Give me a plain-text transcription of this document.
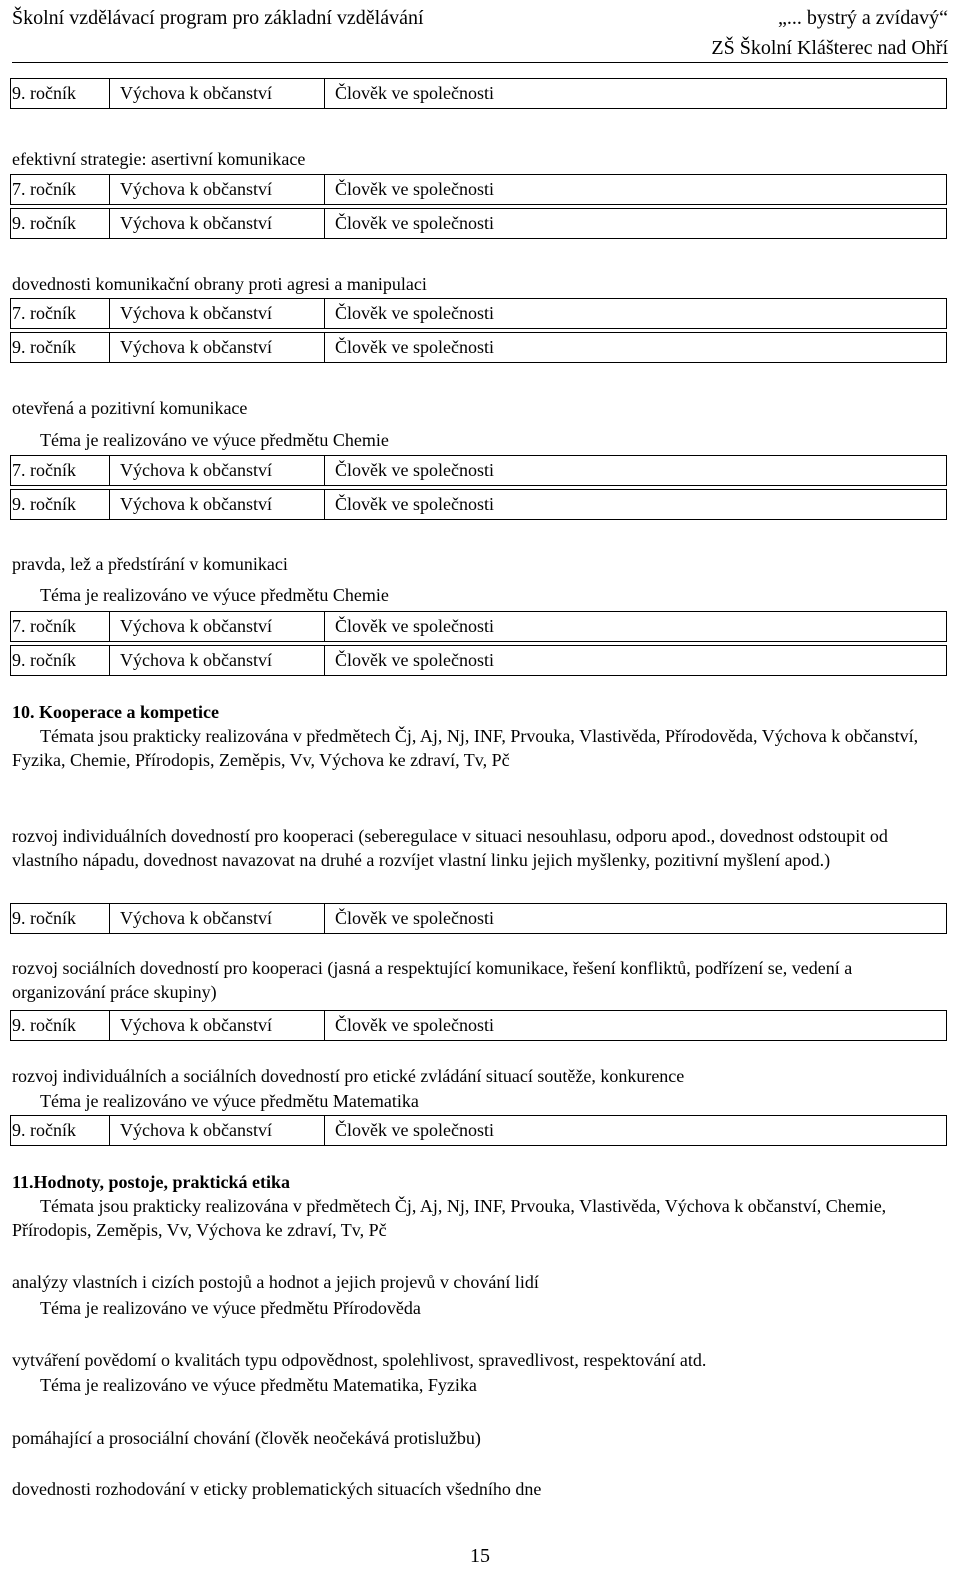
Školní vzdělávací program pro základní vzdělávání	„... bystrý a zvídavý“
ZŠ Školní Klášterec nad Ohří
9. ročník	Výchova k občanství	Člověk ve společnosti
efektivní strategie: asertivní komunikace
7. ročník	Výchova k občanství	Člověk ve společnosti
9. ročník	Výchova k občanství	Člověk ve společnosti
dovednosti komunikační obrany proti agresi a manipulaci
7. ročník	Výchova k občanství	Člověk ve společnosti
9. ročník	Výchova k občanství	Člověk ve společnosti
otevřená a pozitivní komunikace
Téma je realizováno ve výuce předmětu Chemie
7. ročník	Výchova k občanství	Člověk ve společnosti
9. ročník	Výchova k občanství	Člověk ve společnosti
pravda, lež a předstírání v komunikaci
Téma je realizováno ve výuce předmětu Chemie
7. ročník	Výchova k občanství	Člověk ve společnosti
9. ročník	Výchova k občanství	Člověk ve společnosti
10. Kooperace a kompetice
Témata jsou prakticky realizována v předmětech Čj, Aj, Nj, INF, Prvouka, Vlastivěda, Přírodověda, Výchova k občanství, Fyzika, Chemie, Přírodopis, Zeměpis, Vv, Výchova ke zdraví, Tv, Pč
rozvoj individuálních dovedností pro kooperaci (seberegulace v situaci nesouhlasu, odporu apod., dovednost odstoupit od vlastního nápadu, dovednost navazovat na druhé a rozvíjet vlastní linku jejich myšlenky, pozitivní myšlení apod.)
9. ročník	Výchova k občanství	Člověk ve společnosti
rozvoj sociálních dovedností pro kooperaci (jasná a respektující komunikace, řešení konfliktů, podřízení se, vedení a organizování práce skupiny)
9. ročník	Výchova k občanství	Člověk ve společnosti
rozvoj individuálních a sociálních dovedností pro etické zvládání situací soutěže, konkurence
Téma je realizováno ve výuce předmětu Matematika
9. ročník	Výchova k občanství	Člověk ve společnosti
11.Hodnoty, postoje, praktická etika
Témata jsou prakticky realizována v předmětech Čj, Aj, Nj, INF, Prvouka, Vlastivěda, Výchova k občanství, Chemie, Přírodopis, Zeměpis, Vv, Výchova ke zdraví, Tv, Pč
analýzy vlastních i cizích postojů a hodnot a jejich projevů v chování lidí
Téma je realizováno ve výuce předmětu Přírodověda
vytváření povědomí o kvalitách typu odpovědnost, spolehlivost, spravedlivost, respektování atd.
Téma je realizováno ve výuce předmětu Matematika, Fyzika
pomáhající a prosociální chování (člověk neočekává protislužbu)
dovednosti rozhodování v eticky problematických situacích všedního dne
15
